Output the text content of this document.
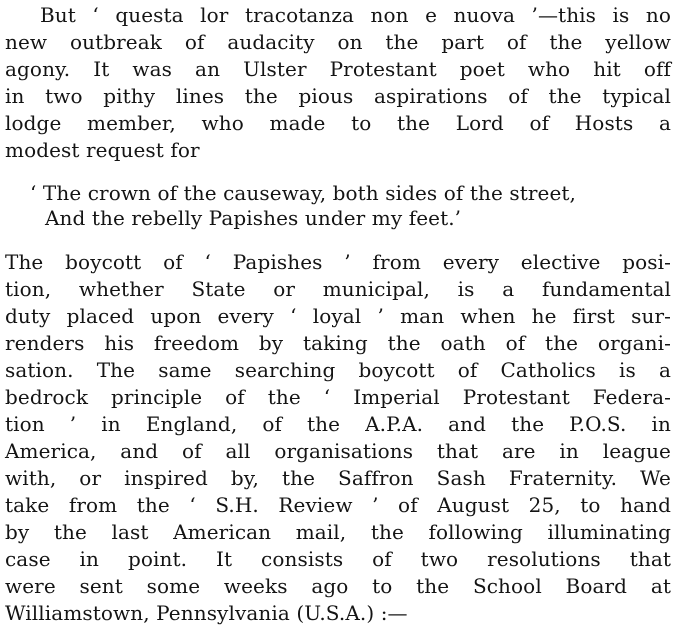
But ‘ questa lor tracotanza non e nuova ’—this is no
new outbreak of audacity on the part of the yellow
agony. It was an Ulster Protestant poet who hit off
in two pithy lines the pious aspirations of the typical
lodge member, who made to the Lord of Hosts a
modest request for
‘ The crown of the causeway, both sides of the street,
And the rebelly Papishes under my feet.’
The boycott of ‘ Papishes ’ from every elective posi-
tion, whether State or municipal, is a fundamental
duty placed upon every ‘ loyal ’ man when he first sur-
renders his freedom by taking the oath of the organi-
sation. The same searching boycott of Catholics is a
bedrock principle of the ‘ Imperial Protestant Federa-
tion ’ in England, of the A.P.A. and the P.O.S. in
America, and of all organisations that are in league
with, or inspired by, the Saffron Sash Fraternity. We
take from the ‘ S.H. Review ’ of August 25, to hand
by the last American mail, the following illuminating
case in point. It consists of two resolutions that
were sent some weeks ago to the School Board at
Williamstown, Pennsylvania (U.S.A.) :—
